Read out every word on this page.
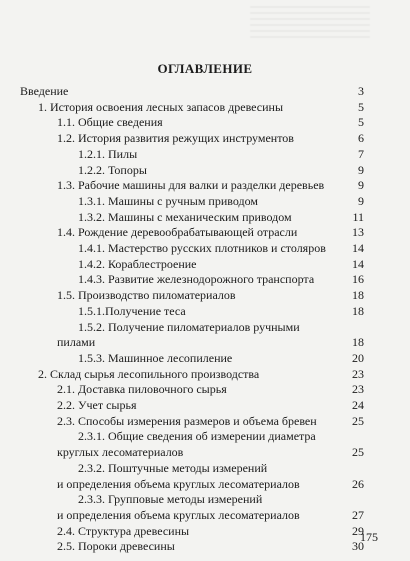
ОГЛАВЛЕНИЕ
Введение	3
1. История освоения лесных запасов древесины	5
1.1. Общие сведения	5
1.2. История развития режущих инструментов	6
1.2.1. Пилы	7
1.2.2. Топоры	9
1.3. Рабочие машины для валки и разделки деревьев	9
1.3.1. Машины с ручным приводом	9
1.3.2. Машины с механическим приводом	11
1.4. Рождение деревообрабатывающей отрасли	13
1.4.1. Мастерство русских плотников и столяров 14
1.4.2. Кораблестроение	14
1.4.3. Развитие железнодорожного транспорта	16
1.5. Производство пиломатериалов	18
1.5.1.Получение теса	18
1.5.2. Получение пиломатериалов ручными
пилами	18
1.5.3. Машинное лесопиление	20
2. Склад сырья лесопильного производства	23
2.1. Доставка пиловочного сырья	23
2.2. Учет сырья	24
2.3. Способы измерения размеров и объема бревен	25
2.3.1. Общие сведения об измерении диаметра
круглых лесоматериалов	25
2.3.2. Поштучные методы измерений
и определения объема круглых лесоматериалов	26
2.3.3. Групповые методы измерений
и определения объема круглых лесоматериалов	27
2.4. Структура древесины	29
2.5. Пороки древесины	30
175
